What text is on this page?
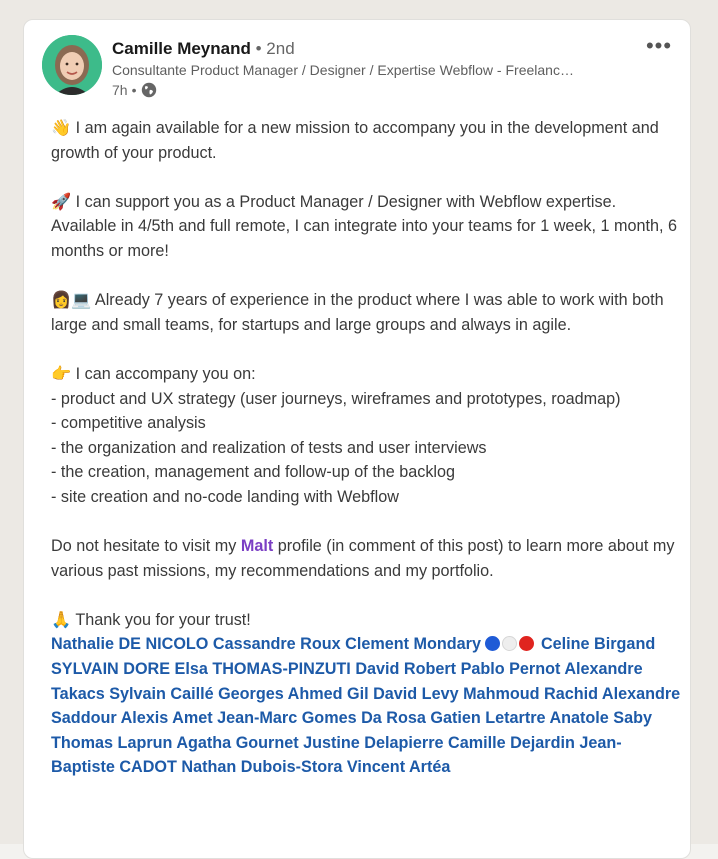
Camille Meynand • 2nd
Consultante Product Manager / Designer / Expertise Webflow - Freelanc…
7h •
•••
👋 I am again available for a new mission to accompany you in the development and growth of your product.
🚀 I can support you as a Product Manager / Designer with Webflow expertise. Available in 4/5th and full remote, I can integrate into your teams for 1 week, 1 month, 6 months or more!
👩💻 Already 7 years of experience in the product where I was able to work with both large and small teams, for startups and large groups and always in agile.
👉 I can accompany you on:
- product and UX strategy (user journeys, wireframes and prototypes, roadmap)
- competitive analysis
- the organization and realization of tests and user interviews
- the creation, management and follow-up of the backlog
- site creation and no-code landing with Webflow
Do not hesitate to visit my Malt profile (in comment of this post) to learn more about my various past missions, my recommendations and my portfolio.
🙏 Thank you for your trust!
Nathalie DE NICOLO Cassandre Roux Clement Mondary	Celine Birgand SYLVAIN DORE Elsa THOMAS-PINZUTI David Robert Pablo Pernot Alexandre Takacs Sylvain Caillé Georges Ahmed Gil David Levy Mahmoud Rachid Alexandre Saddour Alexis Amet Jean-Marc Gomes Da Rosa Gatien Letartre Anatole Saby Thomas Laprun Agatha Gournet Justine Delapierre Camille Dejardin Jean-Baptiste CADOT Nathan Dubois-Stora Vincent Artéa
